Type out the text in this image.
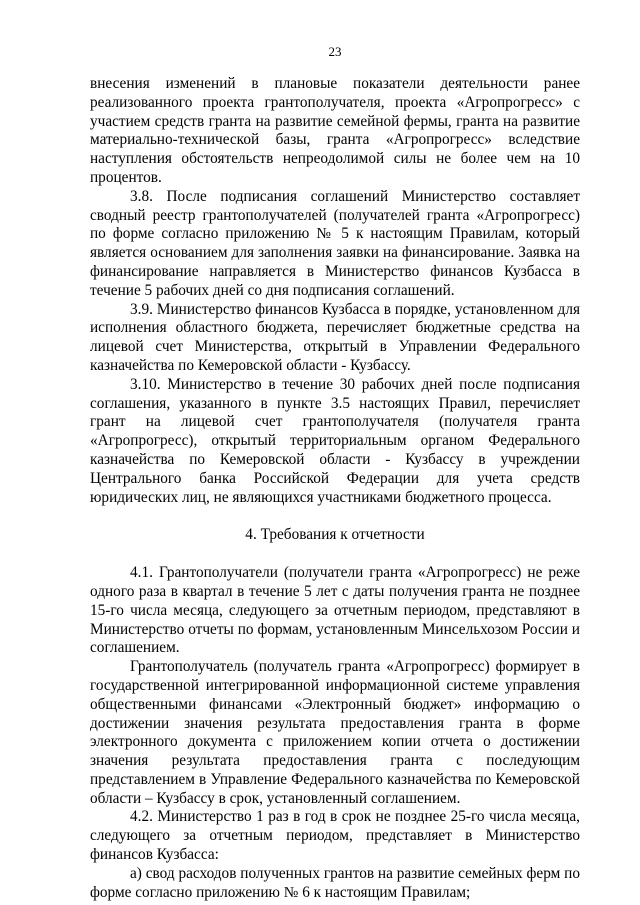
23

внесения изменений в плановые показатели деятельности ранее реализованного проекта грантополучателя, проекта «Агропрогресс» с участием средств гранта на развитие семейной фермы, гранта на развитие материально-технической базы, гранта «Агропрогресс» вследствие наступления обстоятельств непреодолимой силы не более чем на 10 процентов.

3.8. После подписания соглашений Министерство составляет сводный реестр грантополучателей (получателей гранта «Агропрогресс) по форме согласно приложению № 5 к настоящим Правилам, который является основанием для заполнения заявки на финансирование. Заявка на финансирование направляется в Министерство финансов Кузбасса в течение 5 рабочих дней со дня подписания соглашений.

3.9. Министерство финансов Кузбасса в порядке, установленном для исполнения областного бюджета, перечисляет бюджетные средства на лицевой счет Министерства, открытый в Управлении Федерального казначейства по Кемеровской области - Кузбассу.

3.10. Министерство в течение 30 рабочих дней после подписания соглашения, указанного в пункте 3.5 настоящих Правил, перечисляет грант на лицевой счет грантополучателя (получателя гранта «Агропрогресс), открытый территориальным органом Федерального казначейства по Кемеровской области - Кузбассу в учреждении Центрального банка Российской Федерации для учета средств юридических лиц, не являющихся участниками бюджетного процесса.

4. Требования к отчетности

4.1. Грантополучатели (получатели гранта «Агропрогресс) не реже одного раза в квартал в течение 5 лет с даты получения гранта не позднее 15-го числа месяца, следующего за отчетным периодом, представляют в Министерство отчеты по формам, установленным Минсельхозом России и соглашением.

Грантополучатель (получатель гранта «Агропрогресс) формирует в государственной интегрированной информационной системе управления общественными финансами «Электронный бюджет» информацию о достижении значения результата предоставления гранта в форме электронного документа с приложением копии отчета о достижении значения результата предоставления гранта с последующим представлением в Управление Федерального казначейства по Кемеровской области – Кузбассу в срок, установленный соглашением.

4.2. Министерство 1 раз в год в срок не позднее 25-го числа месяца, следующего за отчетным периодом, представляет в Министерство финансов Кузбасса:

а) свод расходов полученных грантов на развитие семейных ферм по форме согласно приложению № 6 к настоящим Правилам;
